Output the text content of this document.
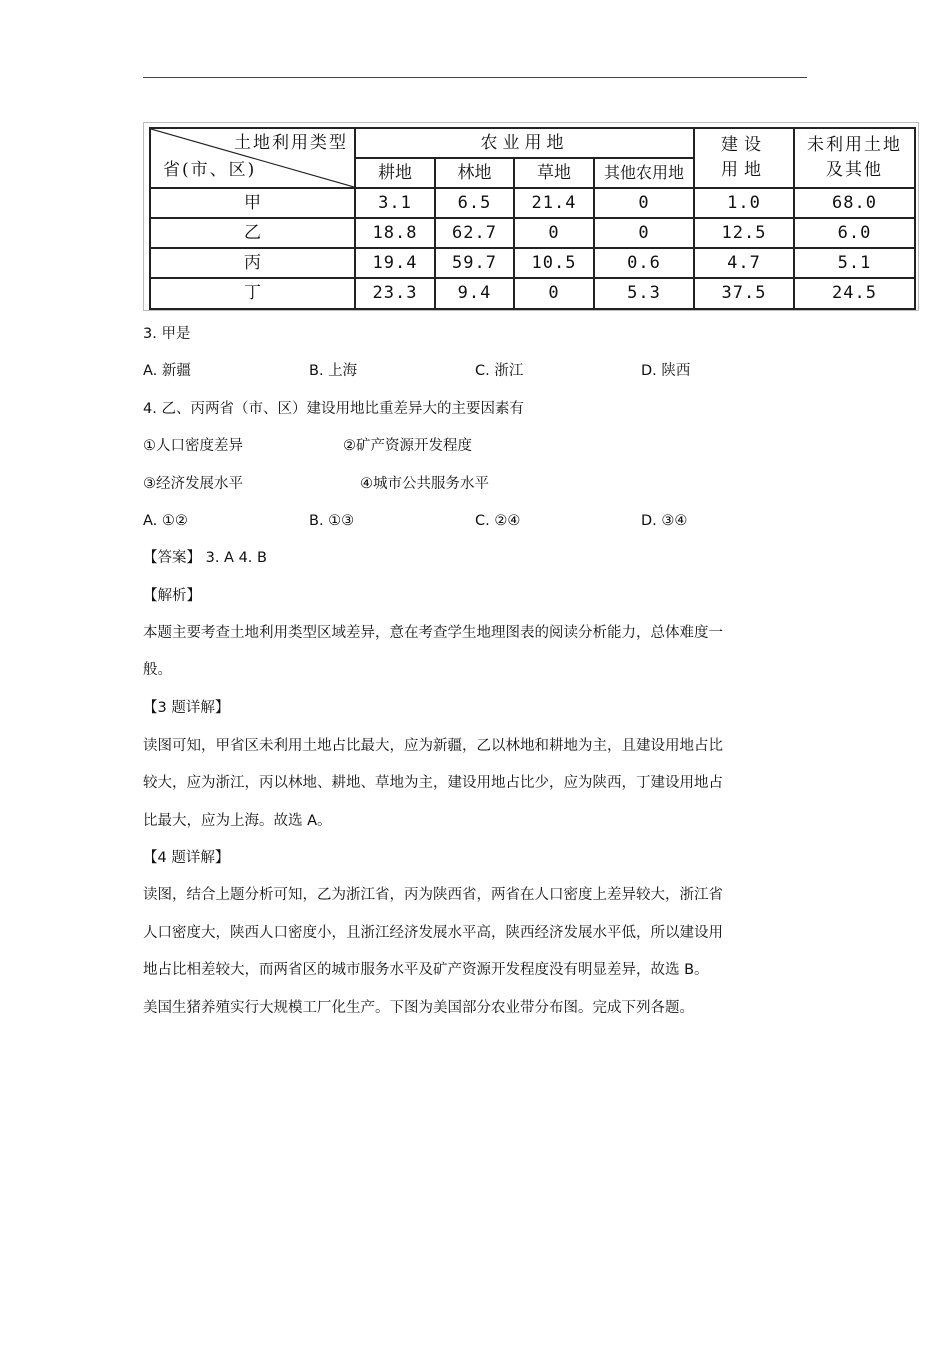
土地利用类型
省(市、区)	农业用地				建设用地	未利用土地及其他
	耕地	林地	草地	其他农用地		
甲	3.1	6.5	21.4	0	1.0	68.0
乙	18.8	62.7	0	0	12.5	6.0
丙	19.4	59.7	10.5	0.6	4.7	5.1
丁	23.3	9.4	0	5.3	37.5	24.5
3. 甲是
A. 新疆	B. 上海	C. 浙江	D. 陕西
4. 乙、丙两省（市、区）建设用地比重差异大的主要因素有
①人口密度差异	②矿产资源开发程度
③经济发展水平	④城市公共服务水平
A. ①②	B. ①③	C. ②④	D. ③④
【答案】 3. A 4. B
【解析】
本题主要考查土地利用类型区域差异，意在考查学生地理图表的阅读分析能力，总体难度一
般。
【3 题详解】
读图可知，甲省区未利用土地占比最大，应为新疆，乙以林地和耕地为主，且建设用地占比
较大，应为浙江，丙以林地、耕地、草地为主，建设用地占比少，应为陕西，丁建设用地占
比最大，应为上海。故选 A。
【4 题详解】
读图，结合上题分析可知，乙为浙江省，丙为陕西省，两省在人口密度上差异较大，浙江省
人口密度大，陕西人口密度小，且浙江经济发展水平高，陕西经济发展水平低，所以建设用
地占比相差较大，而两省区的城市服务水平及矿产资源开发程度没有明显差异，故选 B。
美国生猪养殖实行大规模工厂化生产。下图为美国部分农业带分布图。完成下列各题。
